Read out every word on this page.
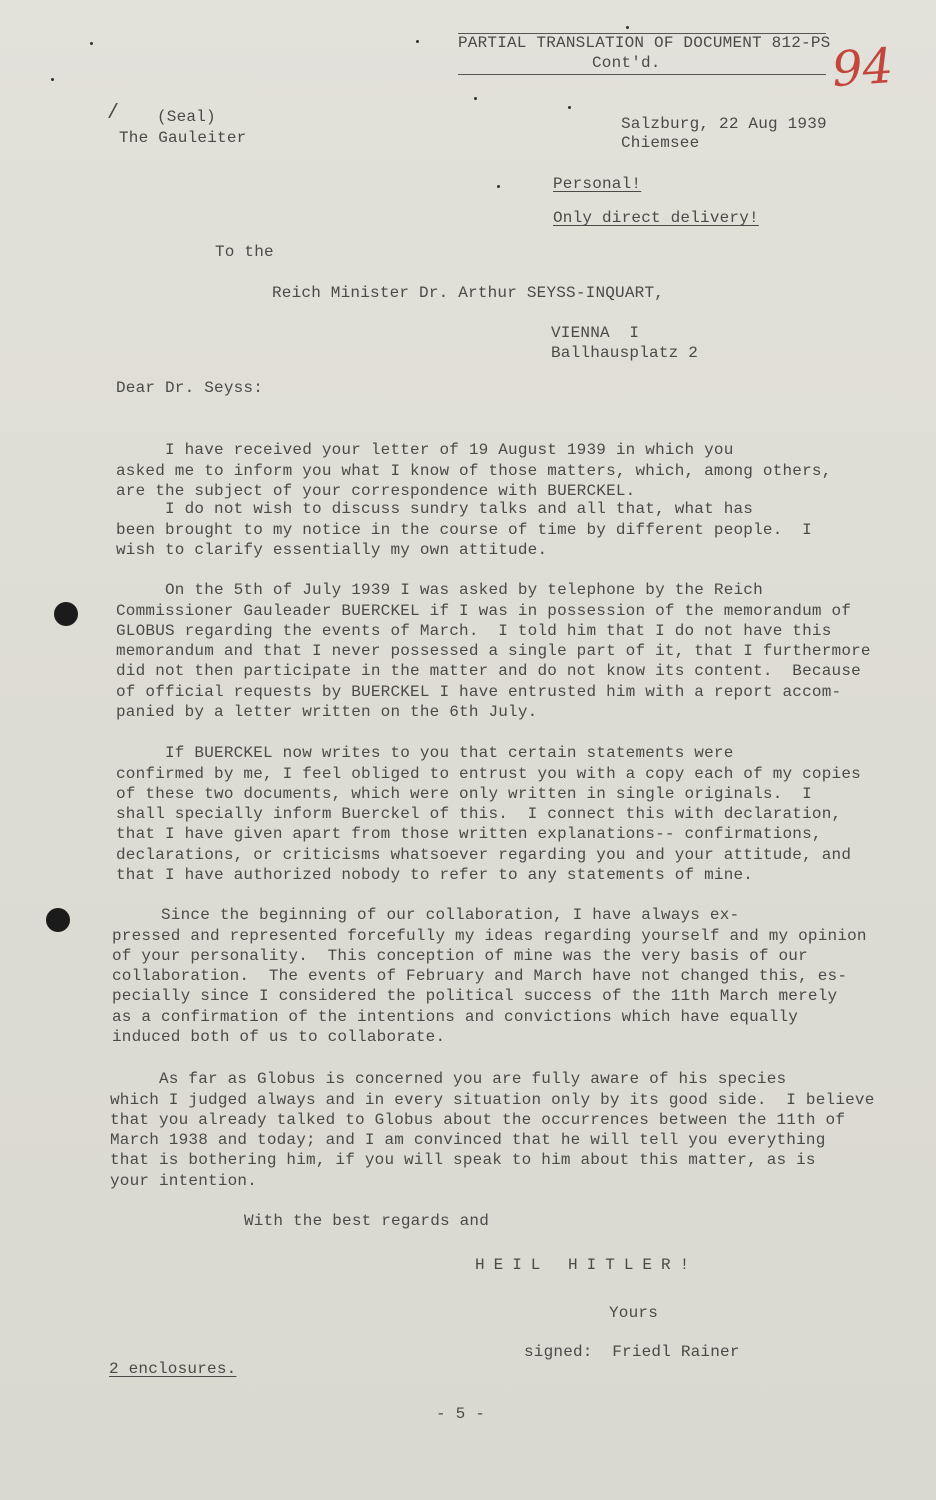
PARTIAL TRANSLATION OF DOCUMENT 812-PS
Cont'd.	94
(Seal)
/
The Gauleiter
Salzburg, 22 Aug 1939
Chiemsee
Personal!
Only direct delivery!
To the
Reich Minister Dr. Arthur SEYSS-INQUART,
VIENNA  I
Ballhausplatz 2
Dear Dr. Seyss:

I have received your letter of 19 August 1939 in which you
asked me to inform you what I know of those matters, which, among others,
are the subject of your correspondence with BUERCKEL.

I do not wish to discuss sundry talks and all that, what has
been brought to my notice in the course of time by different people.  I
wish to clarify essentially my own attitude.

On the 5th of July 1939 I was asked by telephone by the Reich
Commissioner Gauleader BUERCKEL if I was in possession of the memorandum of
GLOBUS regarding the events of March.  I told him that I do not have this
memorandum and that I never possessed a single part of it, that I furthermore
did not then participate in the matter and do not know its content.  Because
of official requests by BUERCKEL I have entrusted him with a report accom-
panied by a letter written on the 6th July.

If BUERCKEL now writes to you that certain statements were
confirmed by me, I feel obliged to entrust you with a copy each of my copies
of these two documents, which were only written in single originals.  I
shall specially inform Buerckel of this.  I connect this with declaration,
that I have given apart from those written explanations-- confirmations,
declarations, or criticisms whatsoever regarding you and your attitude, and
that I have authorized nobody to refer to any statements of mine.

Since the beginning of our collaboration, I have always ex-
pressed and represented forcefully my ideas regarding yourself and my opinion
of your personality.  This conception of mine was the very basis of our
collaboration.  The events of February and March have not changed this, es-
pecially since I considered the political success of the 11th March merely
as a confirmation of the intentions and convictions which have equally
induced both of us to collaborate.

As far as Globus is concerned you are fully aware of his species
which I judged always and in every situation only by its good side.  I believe
that you already talked to Globus about the occurrences between the 11th of
March 1938 and today; and I am convinced that he will tell you everything
that is bothering him, if you will speak to him about this matter, as is
your intention.
With the best regards and
HEIL HITLER!
Yours
signed:  Friedl Rainer
2 enclosures.
- 5 -
